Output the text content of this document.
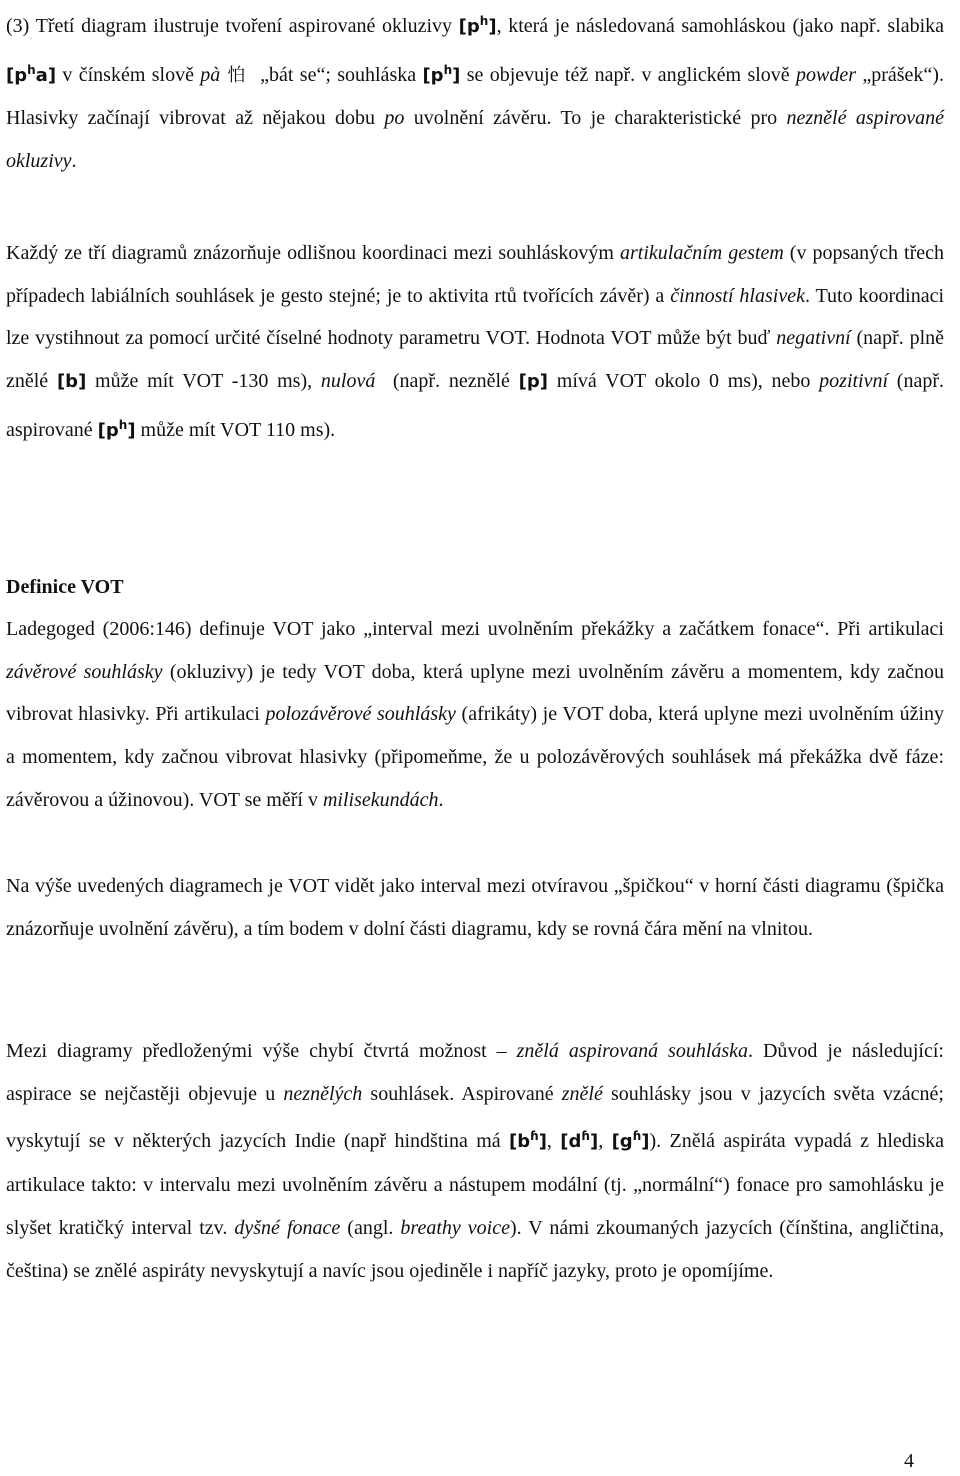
(3) Třetí diagram ilustruje tvoření aspirované okluzivy $[p^h]$, která je následovaná samohláskou (jako např. slabika $[p^ha]$ v čínském slově pà 怕  „bát se“; souhláska $[p^h]$ se objevuje též např. v anglickém slově powder „prášek“). Hlasivky začínají vibrovat až nějakou dobu po uvolnění závěru. To je charakteristické pro neznělé aspirované okluzivy.

Každý ze tří diagramů znázorňuje odlišnou koordinaci mezi souhláskovým artikulačním gestem (v popsaných třech případech labiálních souhlásek je gesto stejné; je to aktivita rtů tvořících závěr) a činností hlasivek. Tuto koordinaci lze vystihnout za pomocí určité číselné hodnoty parametru VOT. Hodnota VOT může být buď negativní (např. plně znělé [b] může mít VOT -130 ms), nulová  (např. neznělé [p] mívá VOT okolo 0 ms), nebo pozitivní (např. aspirované $[p^h]$ může mít VOT 110 ms).

Definice VOT

Ladegoged (2006:146) definuje VOT jako „interval mezi uvolněním překážky a začátkem fonace“. Při artikulaci závěrové souhlásky (okluzivy) je tedy VOT doba, která uplyne mezi uvolněním závěru a momentem, kdy začnou vibrovat hlasivky. Při artikulaci polozávěrové souhlásky (afrikáty) je VOT doba, která uplyne mezi uvolněním úžiny a momentem, kdy začnou vibrovat hlasivky (připomeňme, že u polozávěrových souhlásek má překážka dvě fáze: závěrovou a úžinovou). VOT se měří v milisekundách.

Na výše uvedených diagramech je VOT vidět jako interval mezi otvíravou „špičkou“ v horní části diagramu (špička znázorňuje uvolnění závěru), a tím bodem v dolní části diagramu, kdy se rovná čára mění na vlnitou.

Mezi diagramy předloženými výše chybí čtvrtá možnost – znělá aspirovaná souhláska. Důvod je následující: aspirace se nejčastěji objevuje u neznělých souhlásek. Aspirované znělé souhlásky jsou v jazycích světa vzácné; vyskytují se v některých jazycích Indie (např hindština má $[b^ɦ]$, $[d^ɦ]$, $[g^ɦ]$). Znělá aspiráta vypadá z hlediska artikulace takto: v intervalu mezi uvolněním závěru a nástupem modální (tj. „normální“) fonace pro samohlásku je slyšet kratičký interval tzv. dyšné fonace (angl. breathy voice). V námi zkoumaných jazycích (čínština, angličtina, čeština) se znělé aspiráty nevyskytují a navíc jsou ojediněle i napříč jazyky, proto je opomíjíme.

4
